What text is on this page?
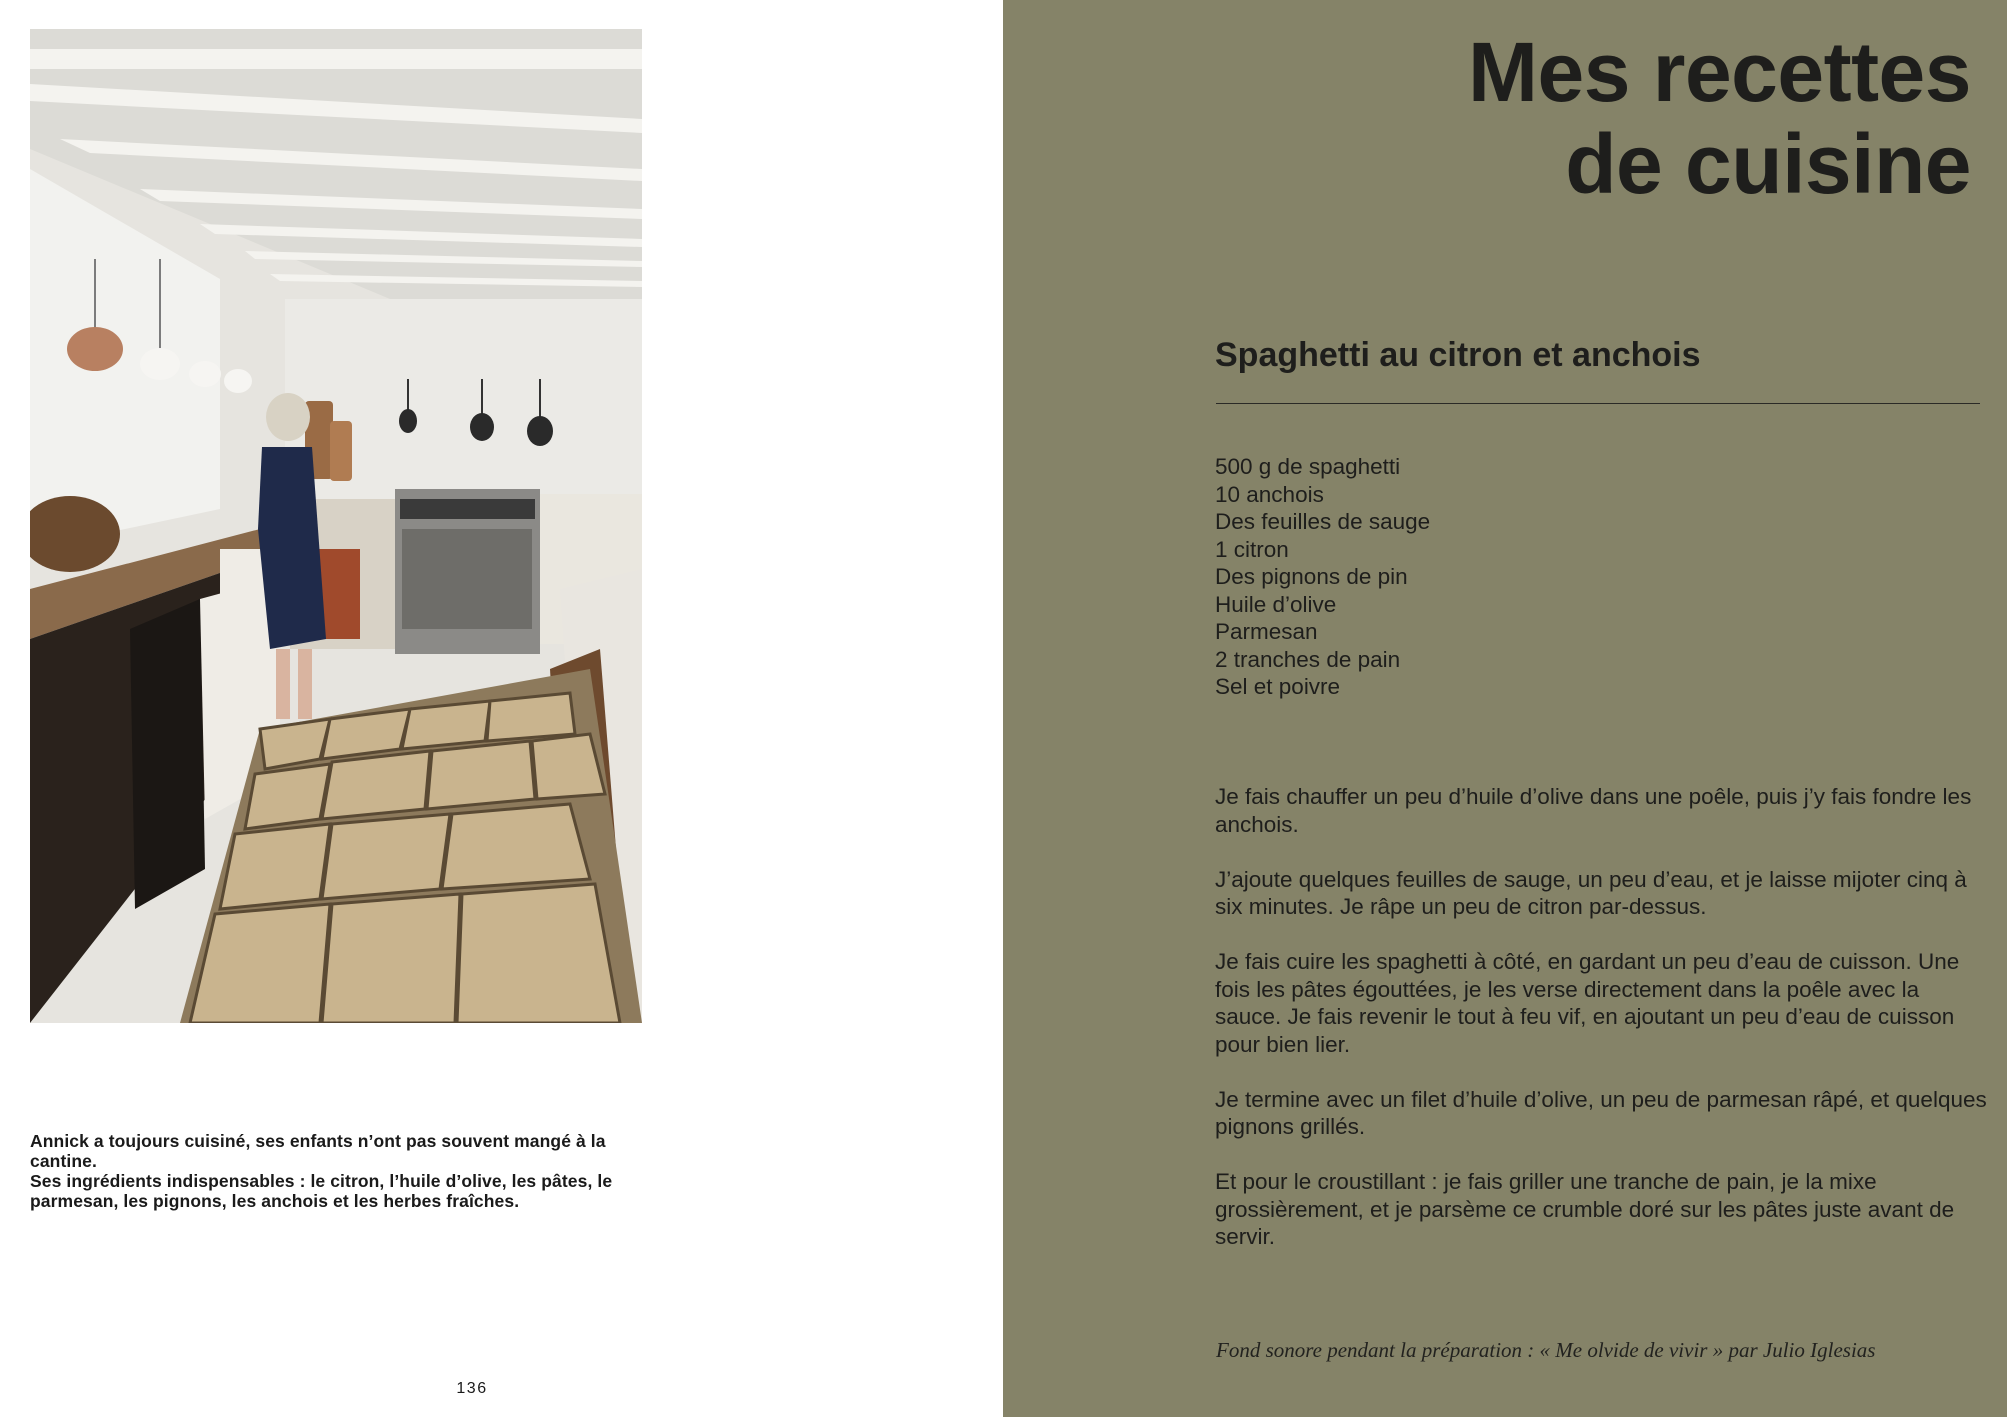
Annick a toujours cuisiné, ses enfants n’ont pas souvent mangé à la cantine.

Ses ingrédients indispensables : le citron, l’huile d’olive, les pâtes, le parmesan, les pignons, les anchois et les herbes fraîches.

136
Mes recettes
de cuisine
Spaghetti au citron et anchois
500 g de spaghetti
10 anchois
Des feuilles de sauge
1 citron
Des pignons de pin
Huile d’olive
Parmesan
2 tranches de pain
Sel et poivre

Je fais chauffer un peu d’huile d’olive dans une poêle, puis j’y fais fondre les anchois.

J’ajoute quelques feuilles de sauge, un peu d’eau, et je laisse mijoter cinq à six minutes. Je râpe un peu de citron par-dessus.

Je fais cuire les spaghetti à côté, en gardant un peu d’eau de cuisson. Une fois les pâtes égouttées, je les verse directement dans la poêle avec la sauce. Je fais revenir le tout à feu vif, en ajoutant un peu d’eau de cuisson pour bien lier.

Je termine avec un filet d’huile d’olive, un peu de parmesan râpé, et quelques pignons grillés.

Et pour le croustillant : je fais griller une tranche de pain, je la mixe grossièrement, et je parsème ce crumble doré sur les pâtes juste avant de servir.

Fond sonore pendant la préparation : « Me olvide de vivir » par Julio Iglesias
